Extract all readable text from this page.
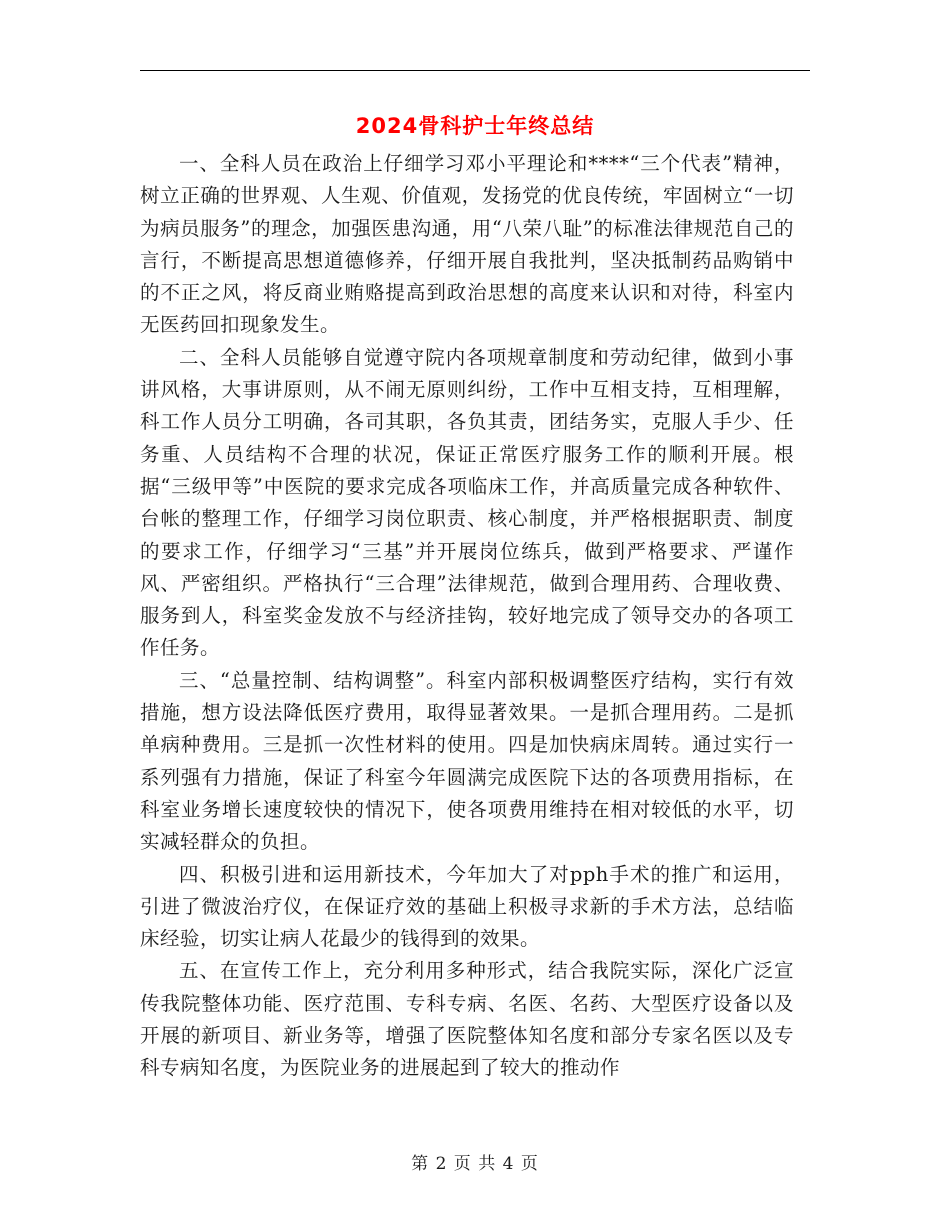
2024骨科护士年终总结

一、全科人员在政治上仔细学习邓小平理论和****“三个代表”精神，树立正确的世界观、人生观、价值观，发扬党的优良传统，牢固树立“一切为病员服务”的理念，加强医患沟通，用“八荣八耻”的标准法律规范自己的言行，不断提高思想道德修养，仔细开展自我批判，坚决抵制药品购销中的不正之风，将反商业贿赂提高到政治思想的高度来认识和对待，科室内无医药回扣现象发生。

二、全科人员能够自觉遵守院内各项规章制度和劳动纪律，做到小事讲风格，大事讲原则，从不闹无原则纠纷，工作中互相支持，互相理解，科工作人员分工明确，各司其职，各负其责，团结务实，克服人手少、任务重、人员结构不合理的状况，保证正常医疗服务工作的顺利开展。根据“三级甲等”中医院的要求完成各项临床工作，并高质量完成各种软件、台帐的整理工作，仔细学习岗位职责、核心制度，并严格根据职责、制度的要求工作，仔细学习“三基”并开展岗位练兵，做到严格要求、严谨作风、严密组织。严格执行“三合理”法律规范，做到合理用药、合理收费、服务到人，科室奖金发放不与经济挂钩，较好地完成了领导交办的各项工作任务。

三、“总量控制、结构调整”。科室内部积极调整医疗结构，实行有效措施，想方设法降低医疗费用，取得显著效果。一是抓合理用药。二是抓单病种费用。三是抓一次性材料的使用。四是加快病床周转。通过实行一系列强有力措施，保证了科室今年圆满完成医院下达的各项费用指标，在科室业务增长速度较快的情况下，使各项费用维持在相对较低的水平，切实减轻群众的负担。

四、积极引进和运用新技术，今年加大了对pph手术的推广和运用，引进了微波治疗仪，在保证疗效的基础上积极寻求新的手术方法，总结临床经验，切实让病人花最少的钱得到的效果。

五、在宣传工作上，充分利用多种形式，结合我院实际，深化广泛宣传我院整体功能、医疗范围、专科专病、名医、名药、大型医疗设备以及开展的新项目、新业务等，增强了医院整体知名度和部分专家名医以及专科专病知名度，为医院业务的进展起到了较大的推动作

第 2 页 共 4 页
